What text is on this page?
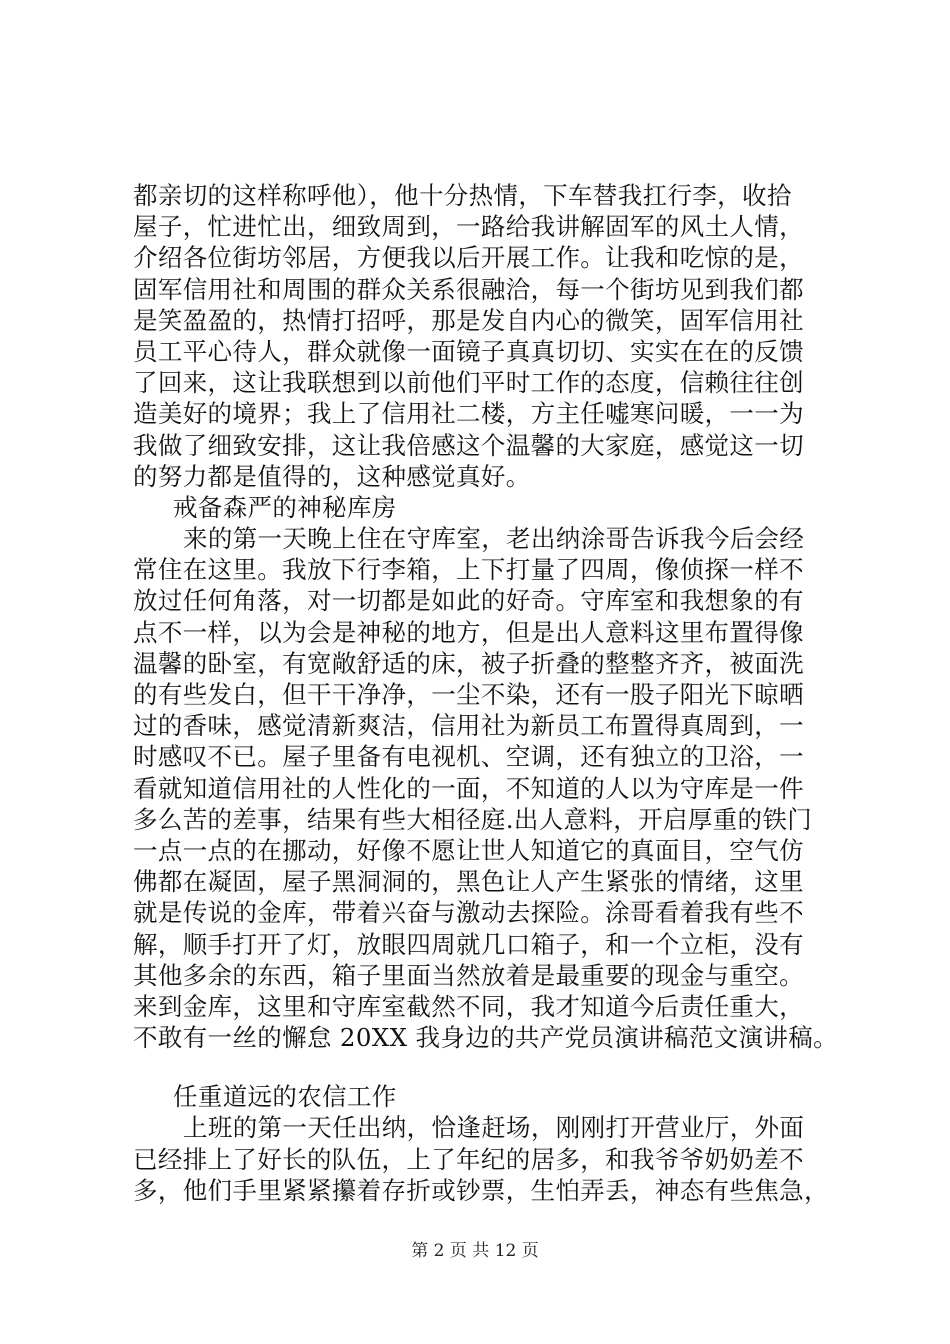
都亲切的这样称呼他），他十分热情，下车替我扛行李，收拾
屋子，忙进忙出，细致周到，一路给我讲解固军的风土人情，
介绍各位街坊邻居，方便我以后开展工作。让我和吃惊的是，
固军信用社和周围的群众关系很融洽，每一个街坊见到我们都
是笑盈盈的，热情打招呼，那是发自内心的微笑，固军信用社
员工平心待人，群众就像一面镜子真真切切、实实在在的反馈
了回来，这让我联想到以前他们平时工作的态度，信赖往往创
造美好的境界；我上了信用社二楼，方主任嘘寒问暖，一一为
我做了细致安排，这让我倍感这个温馨的大家庭，感觉这一切
的努力都是值得的，这种感觉真好。
戒备森严的神秘库房
来的第一天晚上住在守库室，老出纳涂哥告诉我今后会经
常住在这里。我放下行李箱，上下打量了四周，像侦探一样不
放过任何角落，对一切都是如此的好奇。守库室和我想象的有
点不一样，以为会是神秘的地方，但是出人意料这里布置得像
温馨的卧室，有宽敞舒适的床，被子折叠的整整齐齐，被面洗
的有些发白，但干干净净，一尘不染，还有一股子阳光下晾晒
过的香味，感觉清新爽洁，信用社为新员工布置得真周到，一
时感叹不已。屋子里备有电视机、空调，还有独立的卫浴，一
看就知道信用社的人性化的一面，不知道的人以为守库是一件
多么苦的差事，结果有些大相径庭.出人意料，开启厚重的铁门
一点一点的在挪动，好像不愿让世人知道它的真面目，空气仿
佛都在凝固，屋子黑洞洞的，黑色让人产生紧张的情绪，这里
就是传说的金库，带着兴奋与激动去探险。涂哥看着我有些不
解，顺手打开了灯，放眼四周就几口箱子，和一个立柜，没有
其他多余的东西，箱子里面当然放着是最重要的现金与重空。
来到金库，这里和守库室截然不同，我才知道今后责任重大，
不敢有一丝的懈怠 20XX 我身边的共产党员演讲稿范文演讲稿。
任重道远的农信工作
上班的第一天任出纳，恰逢赶场，刚刚打开营业厅，外面
已经排上了好长的队伍，上了年纪的居多，和我爷爷奶奶差不
多，他们手里紧紧攥着存折或钞票，生怕弄丢，神态有些焦急，
第 2 页 共 12 页
